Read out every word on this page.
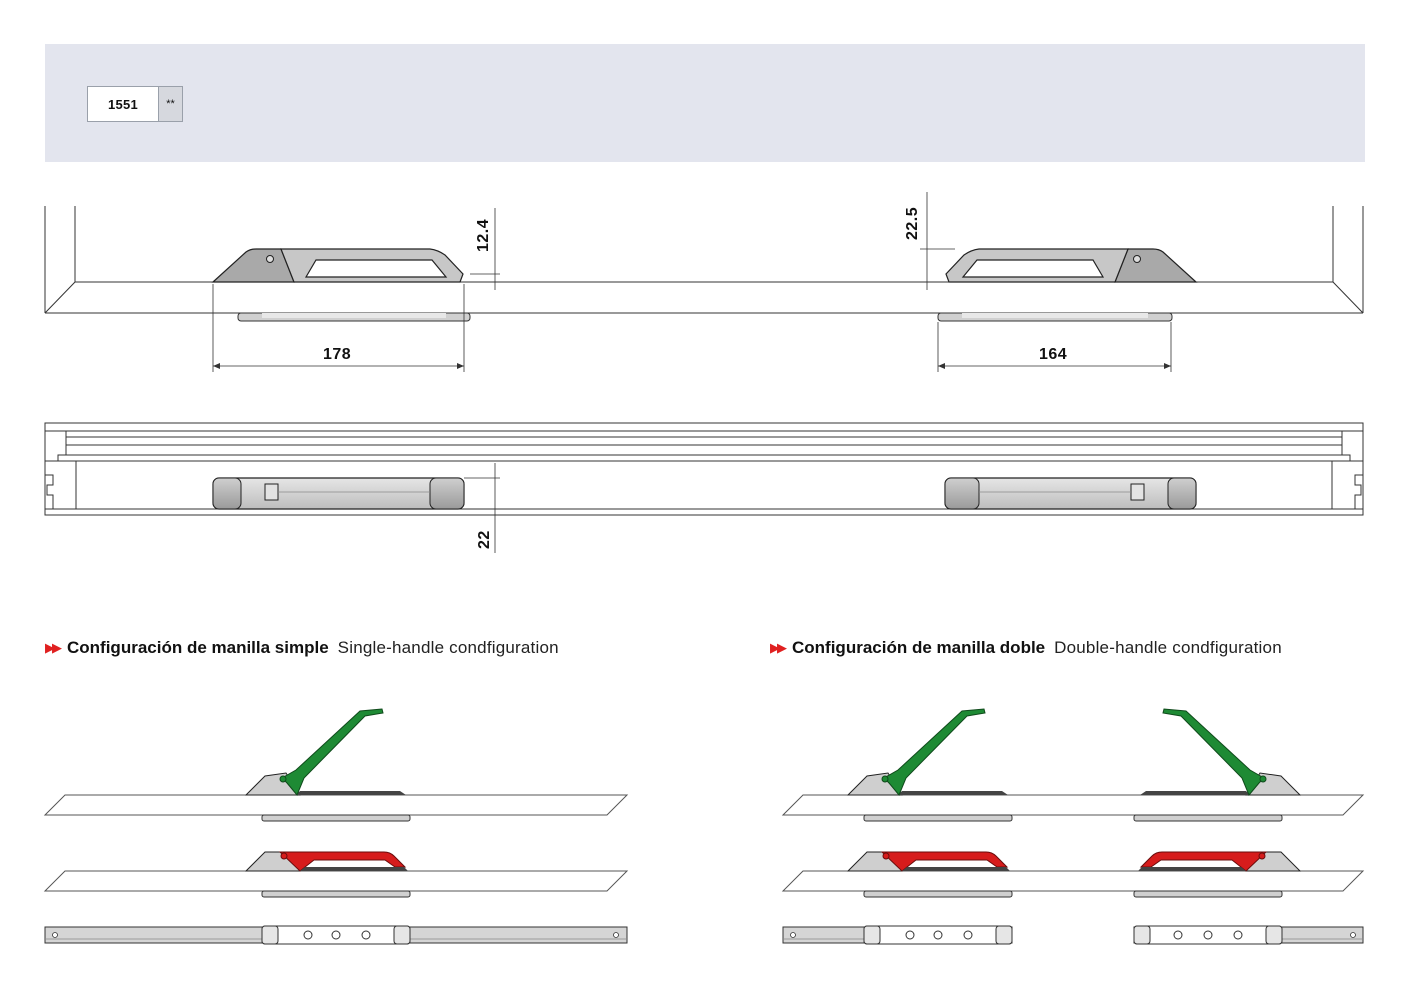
1551	**
178	164
12.4	22.5
22
▶▶ Configuración de manilla simple Single-handle condfiguration	▶▶ Configuración de manilla doble Double-handle condfiguration
